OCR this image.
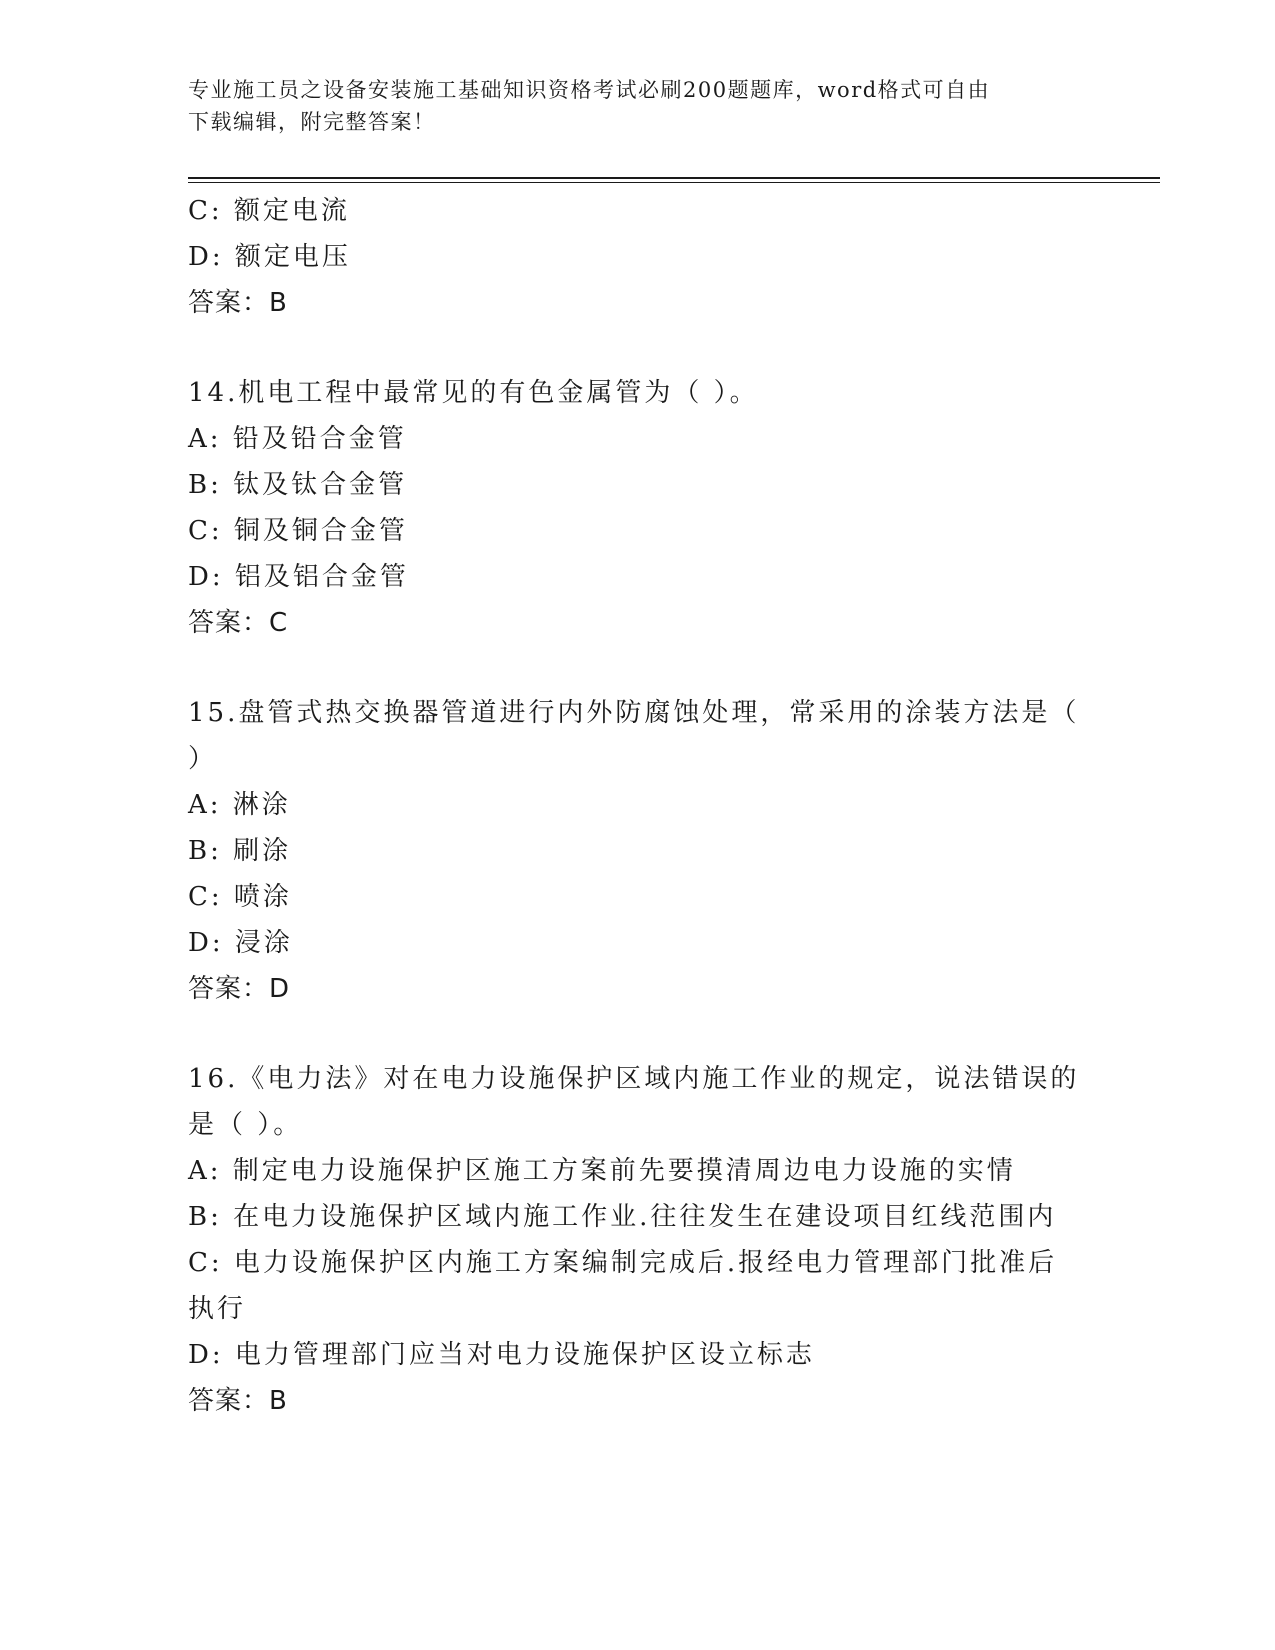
专业施工员之设备安装施工基础知识资格考试必刷200题题库，word格式可自由
下载编辑，附完整答案！
C: 额定电流
D: 额定电压
答案：B
14.机电工程中最常见的有色金属管为（ ）。
A: 铅及铅合金管
B: 钛及钛合金管
C: 铜及铜合金管
D: 铝及铝合金管
答案：C
15.盘管式热交换器管道进行内外防腐蚀处理，常采用的涂装方法是（
）
A: 淋涂
B: 刷涂
C: 喷涂
D: 浸涂
答案：D
16.《电力法》对在电力设施保护区域内施工作业的规定，说法错误的
是（ ）。
A: 制定电力设施保护区施工方案前先要摸清周边电力设施的实情
B: 在电力设施保护区域内施工作业.往往发生在建设项目红线范围内
C: 电力设施保护区内施工方案编制完成后.报经电力管理部门批准后
执行
D: 电力管理部门应当对电力设施保护区设立标志
答案：B
